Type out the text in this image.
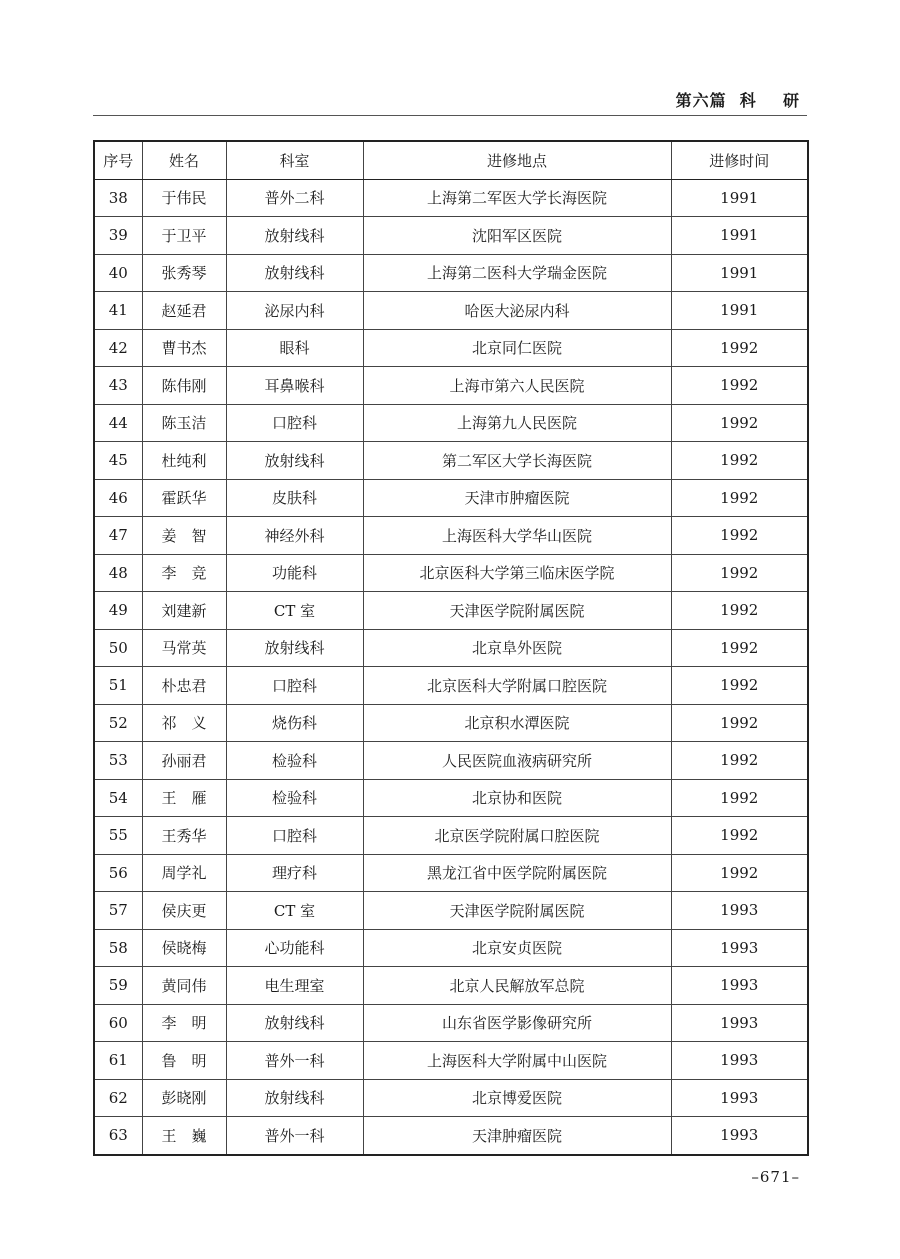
第六篇  科    研
序号	姓名	科室	进修地点	进修时间
38	于伟民	普外二科	上海第二军医大学长海医院	1991
39	于卫平	放射线科	沈阳军区医院	1991
40	张秀琴	放射线科	上海第二医科大学瑞金医院	1991
41	赵延君	泌尿内科	哈医大泌尿内科	1991
42	曹书杰	眼科	北京同仁医院	1992
43	陈伟刚	耳鼻喉科	上海市第六人民医院	1992
44	陈玉洁	口腔科	上海第九人民医院	1992
45	杜纯利	放射线科	第二军区大学长海医院	1992
46	霍跃华	皮肤科	天津市肿瘤医院	1992
47	姜　智	神经外科	上海医科大学华山医院	1992
48	李　竞	功能科	北京医科大学第三临床医学院	1992
49	刘建新	CT 室	天津医学院附属医院	1992
50	马常英	放射线科	北京阜外医院	1992
51	朴忠君	口腔科	北京医科大学附属口腔医院	1992
52	祁　义	烧伤科	北京积水潭医院	1992
53	孙丽君	检验科	人民医院血液病研究所	1992
54	王　雁	检验科	北京协和医院	1992
55	王秀华	口腔科	北京医学院附属口腔医院	1992
56	周学礼	理疗科	黑龙江省中医学院附属医院	1992
57	侯庆更	CT 室	天津医学院附属医院	1993
58	侯晓梅	心功能科	北京安贞医院	1993
59	黄同伟	电生理室	北京人民解放军总院	1993
60	李　明	放射线科	山东省医学影像研究所	1993
61	鲁　明	普外一科	上海医科大学附属中山医院	1993
62	彭晓刚	放射线科	北京博爱医院	1993
63	王　巍	普外一科	天津肿瘤医院	1993
–671–
